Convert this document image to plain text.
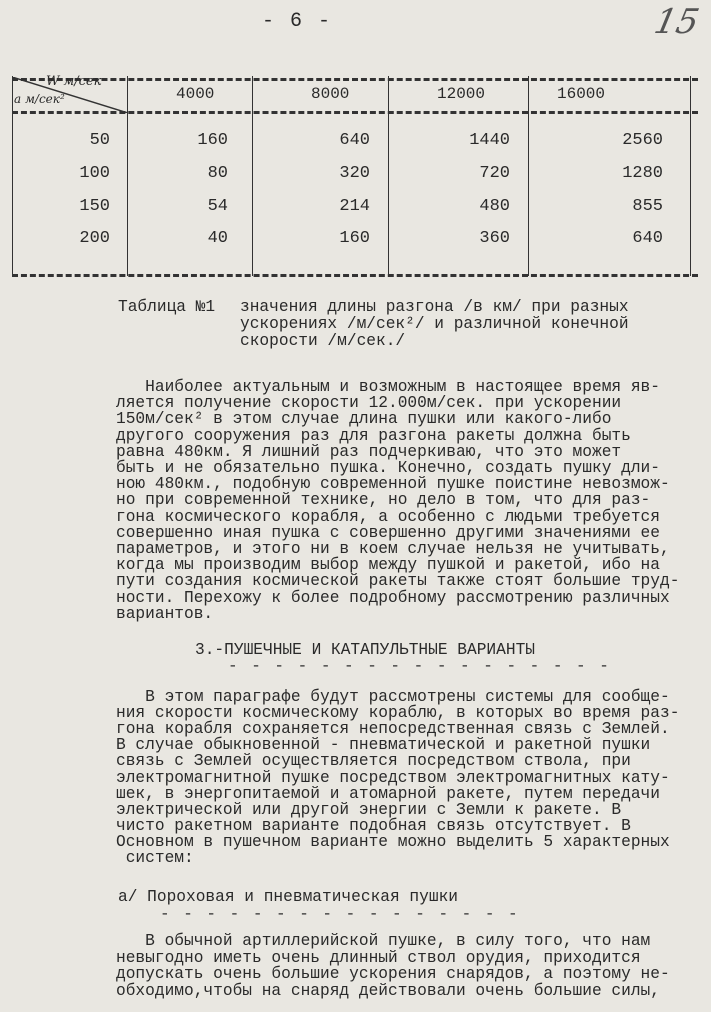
- 6 -	15
W м/сек
a м/сек²	4000	8000	12000	16000
50	160	640	1440	2560
100	80	320	720	1280
150	54	214	480	855
200	40	160	360	640
Таблица №1 значения длины разгона /в км/ при разных
ускорениях /м/сек²/ и различной конечной
скорости /м/сек./
Наиболее актуальным и возможным в настоящее время яв-
ляется получение скорости 12.000м/сек. при ускорении
150м/сек² в этом случае длина пушки или какого-либо
другого сооружения раз для разгона ракеты должна быть
равна 480км. Я лишний раз подчеркиваю, что это может
быть и не обязательно пушка. Конечно, создать пушку дли-
ною 480км., подобную современной пушке поистине невозмож-
но при современной технике, но дело в том, что для раз-
гона космического корабля, а особенно с людьми требуется
совершенно иная пушка с совершенно другими значениями ее
параметров, и этого ни в коем случае нельзя не учитывать,
когда мы производим выбор между пушкой и ракетой, ибо на
пути создания космической ракеты также стоят большие труд-
ности. Перехожу к более подробному рассмотрению различных
вариантов.
3.-ПУШЕЧНЫЕ И КАТАПУЛЬТНЫЕ ВАРИАНТЫ
- - - - - - - - - - - - - - - - -
В этом параграфе будут рассмотрены системы для сообще-
ния скорости космическому кораблю, в которых во время раз-
гона корабля сохраняется непосредственная связь с Землей.
В случае обыкновенной - пневматической и ракетной пушки
связь с Землей осуществляется посредством ствола, при
электромагнитной пушке посредством электромагнитных кату-
шек, в энергопитаемой и атомарной ракете, путем передачи
электрической или другой энергии с Земли к ракете. В
чисто ракетном варианте подобная связь отсутствует. В
Основном в пушечном варианте можно выделить 5 характерных
систем:
а/ Пороховая и пневматическая пушки
- - - - - - - - - - - - - - - -
В обычной артиллерийской пушке, в силу того, что нам
невыгодно иметь очень длинный ствол орудия, приходится
допускать очень большие ускорения снарядов, а поэтому не-
обходимо,чтобы на снаряд действовали очень большие силы,
